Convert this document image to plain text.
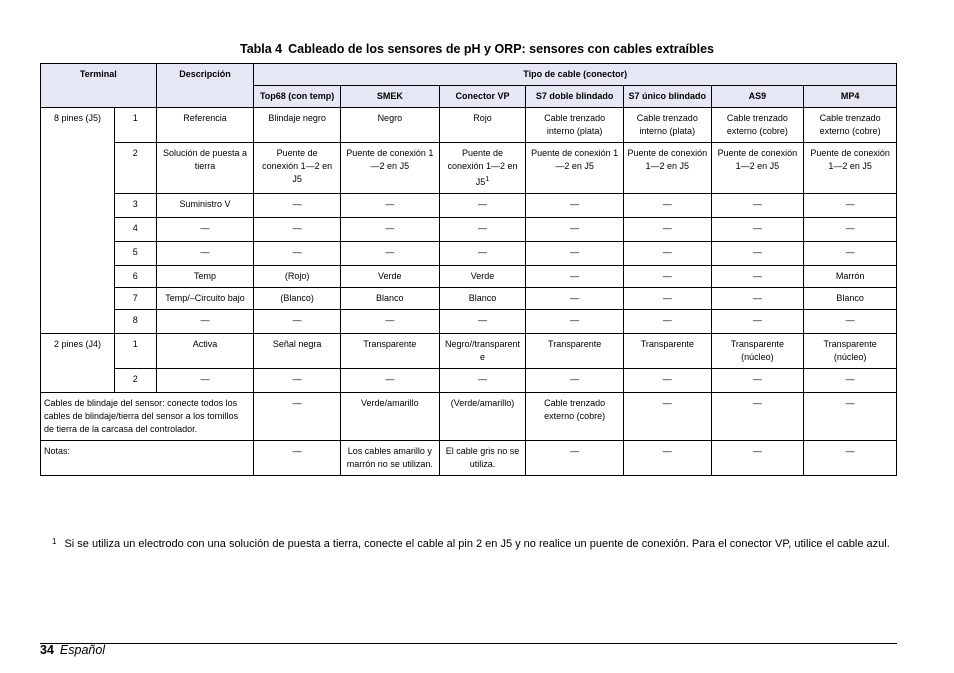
Tabla 4 Cableado de los sensores de pH y ORP: sensores con cables extraíbles
Terminal		Descripción	Tipo de cable (conector)						
			Top68 (con temp)	SMEK	Conector VP	S7 doble blindado	S7 único blindado	AS9	MP4
8 pines (J5)	1	Referencia	Blindaje negro	Negro	Rojo	Cable trenzado interno (plata)	Cable trenzado interno (plata)	Cable trenzado externo (cobre)	Cable trenzado externo (cobre)
	2	Solución de puesta a tierra	Puente de conexión 1—2 en J5	Puente de conexión 1—2 en J5	Puente de conexión 1—2 en $J5^1$	Puente de conexión 1—2 en J5	Puente de conexión 1—2 en J5	Puente de conexión 1—2 en J5	Puente de conexión 1—2 en J5
	3	Suministro V	—	—	—	—	—	—	—
	4	—	—	—	—	—	—	—	—
	5	—	—	—	—	—	—	—	—
	6	Temp	(Rojo)	Verde	Verde	—	—	—	Marrón
	7	Temp/–Circuito bajo	(Blanco)	Blanco	Blanco	—	—	—	Blanco
	8	—	—	—	—	—	—	—	—
2 pines (J4)	1	Activa	Señal negra	Transparente	Negro//transparente	Transparente	Transparente	Transparente (núcleo)	Transparente (núcleo)
	2	—	—	—	—	—	—	—	—
Cables de blindaje del sensor: conecte todos los cables de blindaje/tierra del sensor a los tornillos de tierra de la carcasa del controlador.			—	Verde/amarillo	(Verde/amarillo)	Cable trenzado externo (cobre)	—	—	—
Notas:			—	Los cables amarillo y marrón no se utilizan.	El cable gris no se utiliza.	—	—	—	—
$^1$ Si se utiliza un electrodo con una solución de puesta a tierra, conecte el cable al pin 2 en J5 y no realice un puente de conexión. Para el conector VP, utilice el cable azul.
34 Español
